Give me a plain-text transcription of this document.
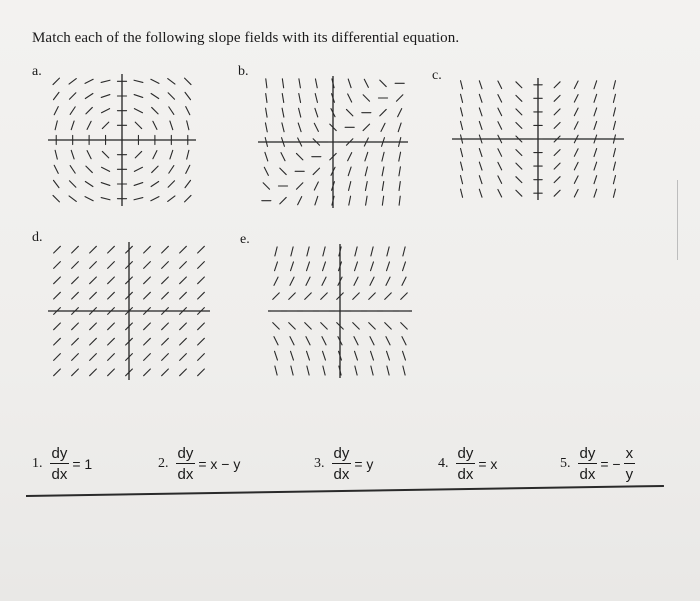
Match each of the following slope fields with its differential equation.
a.	b.	c.
d.	e.
1. $\frac{dy}{dx} = 1$	2. $\frac{dy}{dx} = x - y$	3. $\frac{dy}{dx} = y$	4. $\frac{dy}{dx} = x$	5. $\frac{dy}{dx}$ = − $\frac{x}{y}$
